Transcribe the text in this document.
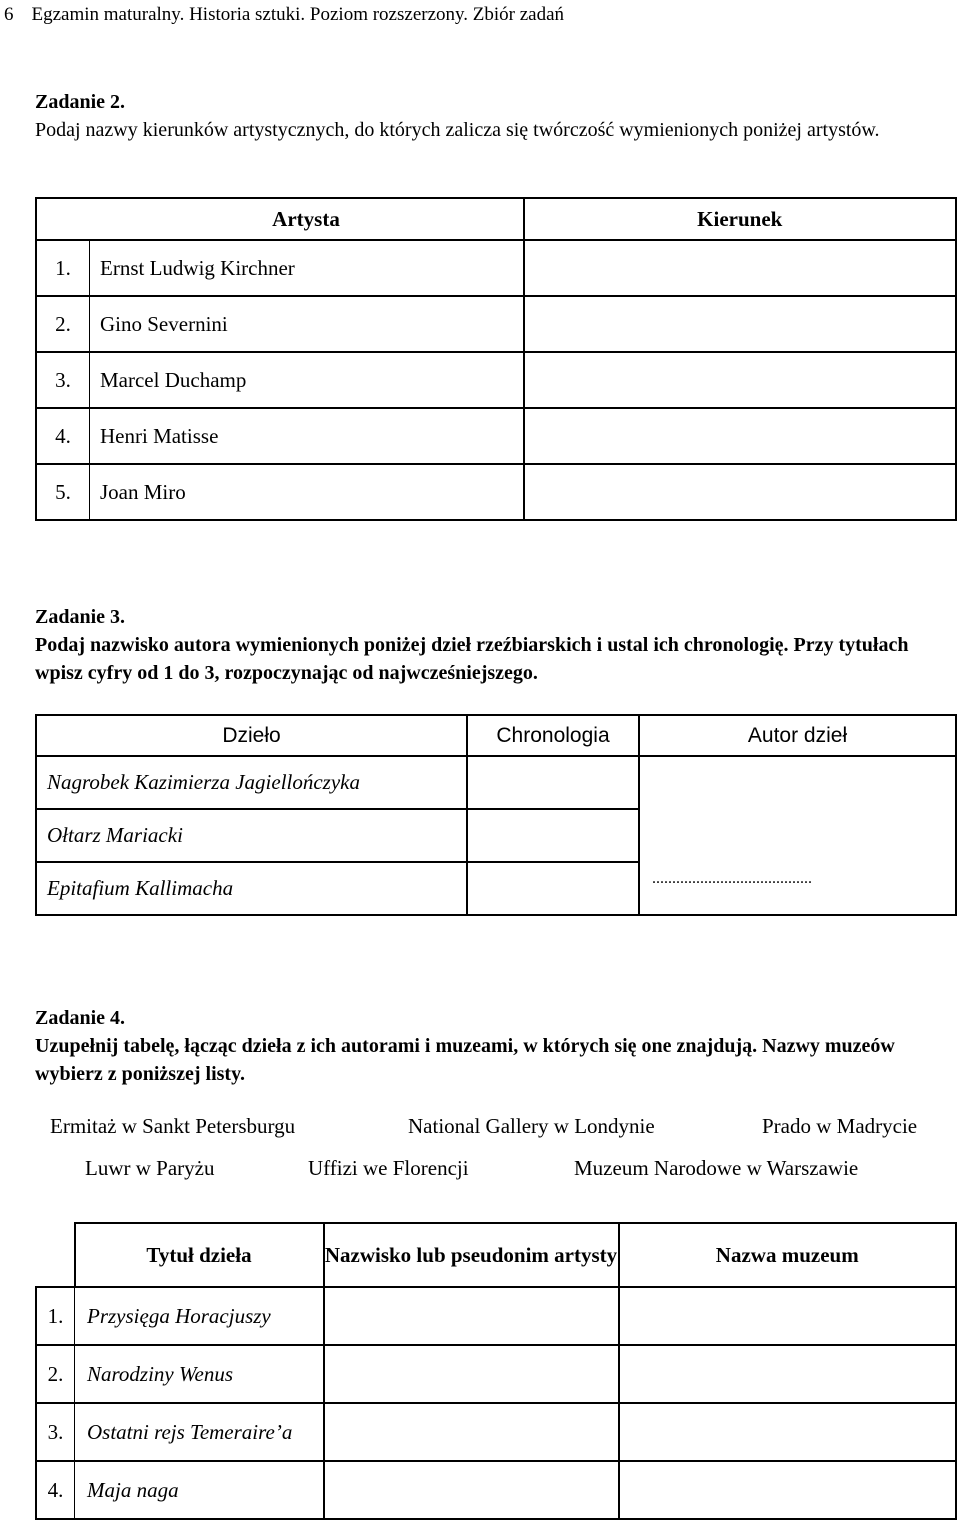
6 Egzamin maturalny. Historia sztuki. Poziom rozszerzony. Zbiór zadań
Zadanie 2.
Podaj nazwy kierunków artystycznych, do których zalicza się twórczość wymienionych poniżej artystów.
	Artysta	Kierunek
1.	Ernst Ludwig Kirchner	
2.	Gino Severnini	
3.	Marcel Duchamp	
4.	Henri Matisse	
5.	Joan Miro	
Zadanie 3.
Podaj nazwisko autora wymienionych poniżej dzieł rzeźbiarskich i ustal ich chronologię. Przy tytułach wpisz cyfry od 1 do 3, rozpoczynając od najwcześniejszego.
Dzieło	Chronologia	Autor dzieł
Nagrobek Kazimierza Jagiellończyka		........................................
Ołtarz Mariacki		
Epitafium Kallimacha		
Zadanie 4.
Uzupełnij tabelę, łącząc dzieła z ich autorami i muzeami, w których się one znajdują. Nazwy muzeów wybierz z poniższej listy.
Ermitaż w Sankt Petersburgu	National Gallery w Londynie	Prado w Madrycie
Luwr w Paryżu	Uffizi we Florencji	Muzeum Narodowe w Warszawie
	Tytuł dzieła	Nazwisko lub pseudonim artysty	Nazwa muzeum
1.	Przysięga Horacjuszy		
2.	Narodziny Wenus		
3.	Ostatni rejs Temeraire’a		
4.	Maja naga		
